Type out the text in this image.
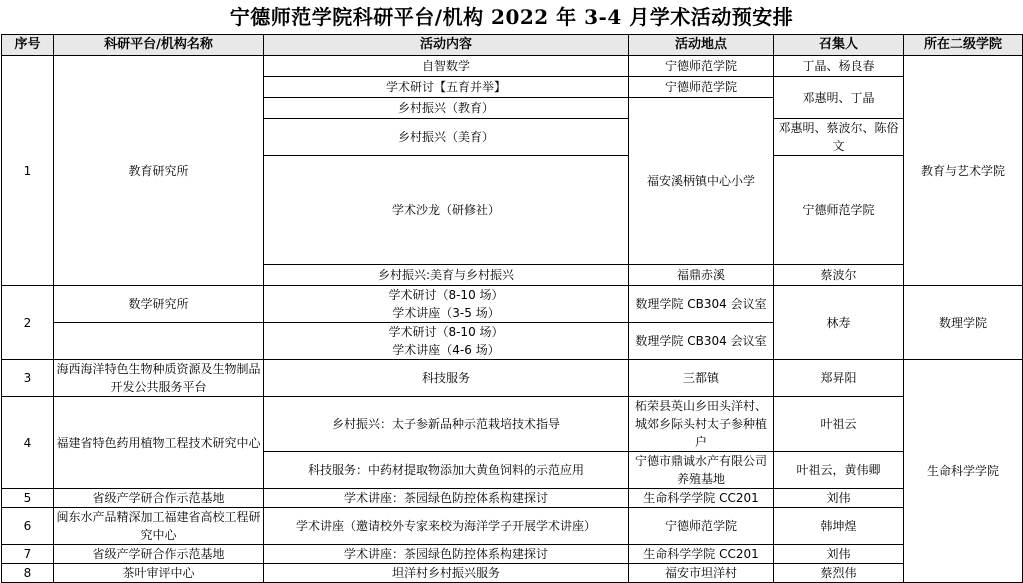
宁德师范学院科研平台/机构 2022 年 3-4 月学术活动预安排
序号	科研平台/机构名称	活动内容	活动地点	召集人	所在二级学院	
1	教育研究所	自智数学	宁德师范学院	丁晶、杨良春	教育与艺术学院	
		学术研讨【五育并举】	宁德师范学院	邓惠明、丁晶		
		乡村振兴（教育）	福安溪柄镇中心小学			

		乡村振兴（美育）		邓惠明、蔡波尔、陈俗文		
		学术沙龙（研修社）		宁德师范学院	
		乡村振兴:美育与乡村振兴	福鼎赤溪	蔡波尔		
2	数学研究所	学术研讨（8-10 场）
学术讲座（3-5 场）	数理学院 CB304 会议室	林寿	数理学院	

		学术研讨（8-10 场）
学术讲座（4-6 场）	数理学院 CB304 会议室			
3	海西海洋特色生物种质资源及生物制品开发公共服务平台	科技服务	三都镇	郑昇阳	生命科学学院	
4	福建省特色药用植物工程技术研究中心	乡村振兴：太子参新品种示范栽培技术指导	柘荣县英山乡田头洋村、城郊乡际头村太子参种植户	叶祖云		
		科技服务：中药材提取物添加大黄鱼饲料的示范应用	宁德市鼎诚水产有限公司养殖基地	叶祖云，黄伟卿		
5	省级产学研合作示范基地	学术讲座：茶园绿色防控体系构建探讨	生命科学学院 CC201	刘伟		
6	闽东水产品精深加工福建省高校工程研究中心	学术讲座（邀请校外专家来校为海洋学子开展学术讲座）	宁德师范学院	韩坤煌		
7	省级产学研合作示范基地	学术讲座：茶园绿色防控体系构建探讨	生命科学学院 CC201	刘伟		
8	茶叶审评中心	坦洋村乡村振兴服务	福安市坦洋村	蔡烈伟		
